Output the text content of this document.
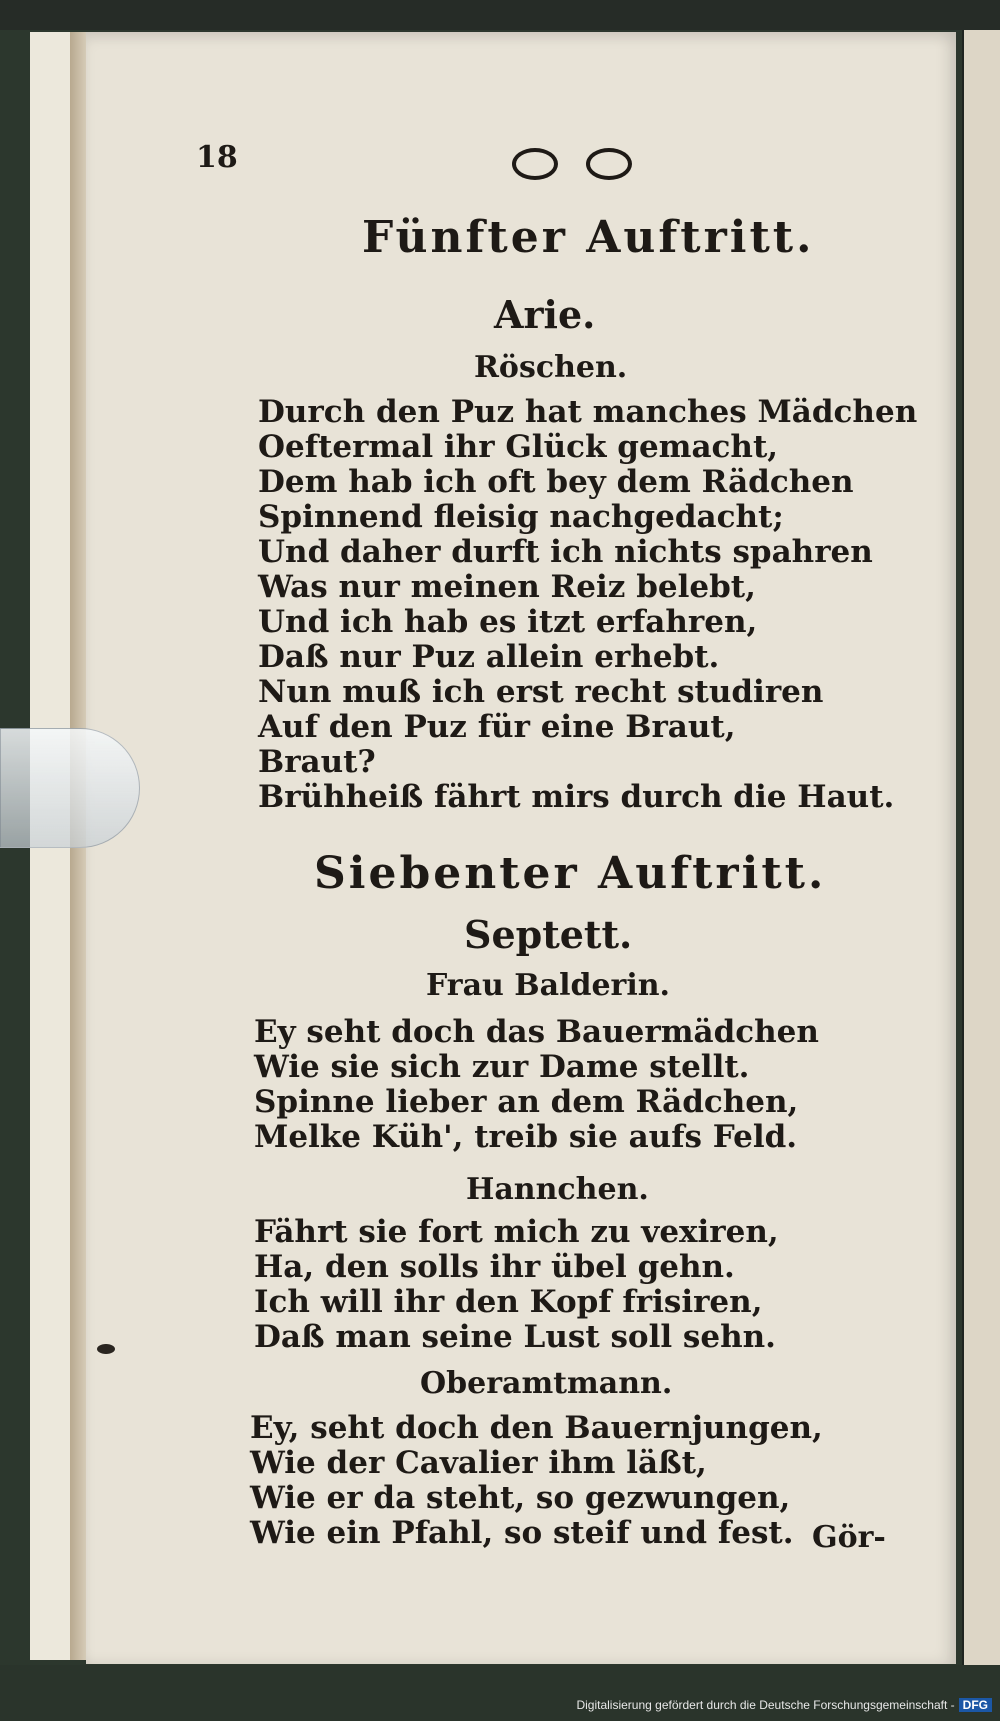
18
Fünfter Auftritt.
Arie.
Röschen.
Durch den Puz hat manches Mädchen
Oeftermal ihr Glück gemacht,
Dem hab ich oft bey dem Rädchen
Spinnend fleisig nachgedacht;
Und daher durft ich nichts spahren
Was nur meinen Reiz belebt,
Und ich hab es itzt erfahren,
Daß nur Puz allein erhebt.
Nun muß ich erst recht studiren
Auf den Puz für eine Braut,
Braut?
Brühheiß fährt mirs durch die Haut.
Siebenter Auftritt.
Septett.
Frau Balderin.
Ey seht doch das Bauermädchen
Wie sie sich zur Dame stellt.
Spinne lieber an dem Rädchen,
Melke Küh', treib sie aufs Feld.
Hannchen.
Fährt sie fort mich zu vexiren,
Ha, den solls ihr übel gehn.
Ich will ihr den Kopf frisiren,
Daß man seine Lust soll sehn.
Oberamtmann.
Ey, seht doch den Bauernjungen,
Wie der Cavalier ihm läßt,
Wie er da steht, so gezwungen,
Wie ein Pfahl, so steif und fest. Gör-
Digitalisierung gefördert durch die Deutsche Forschungsgemeinschaft - DFG
